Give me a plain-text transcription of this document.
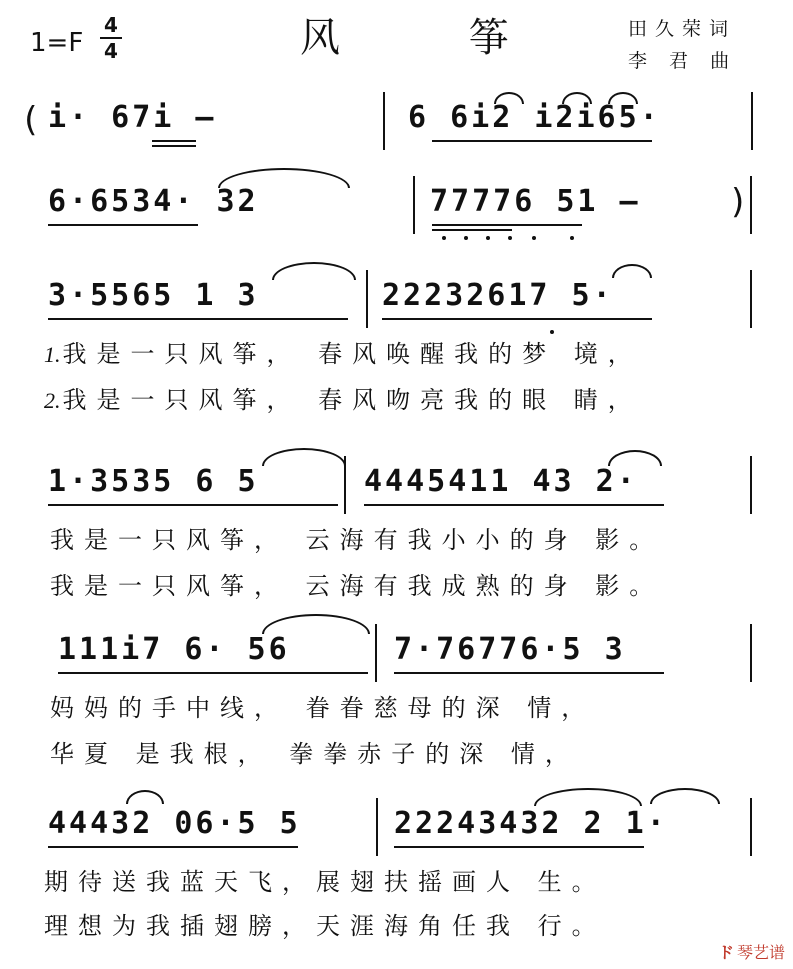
1=F
4
4	风 筝	田久荣词
李 君 曲
( i· 67i –	6 6i2 i2i65·
6·6534· 32	77776 51 –	)
3·5565 1 3	22232617 5·
1.我是一只风筝， 春风唤醒我的梦 境，
2.我是一只风筝， 春风吻亮我的眼 睛，
1·3535 6 5	4445411 43 2·
我是一只风筝， 云海有我小小的身 影。
我是一只风筝， 云海有我成熟的身 影。
111i7 6· 56	7·76776·5 3
妈妈的手中线， 眷眷慈母的深 情，
华夏 是我根， 拳拳赤子的深 情，
44432 06·5 5	22243432 2 1·
期待送我蓝天飞，展翅扶摇画人 生。
理想为我插翅膀，天涯海角任我 行。
ド 琴艺谱
